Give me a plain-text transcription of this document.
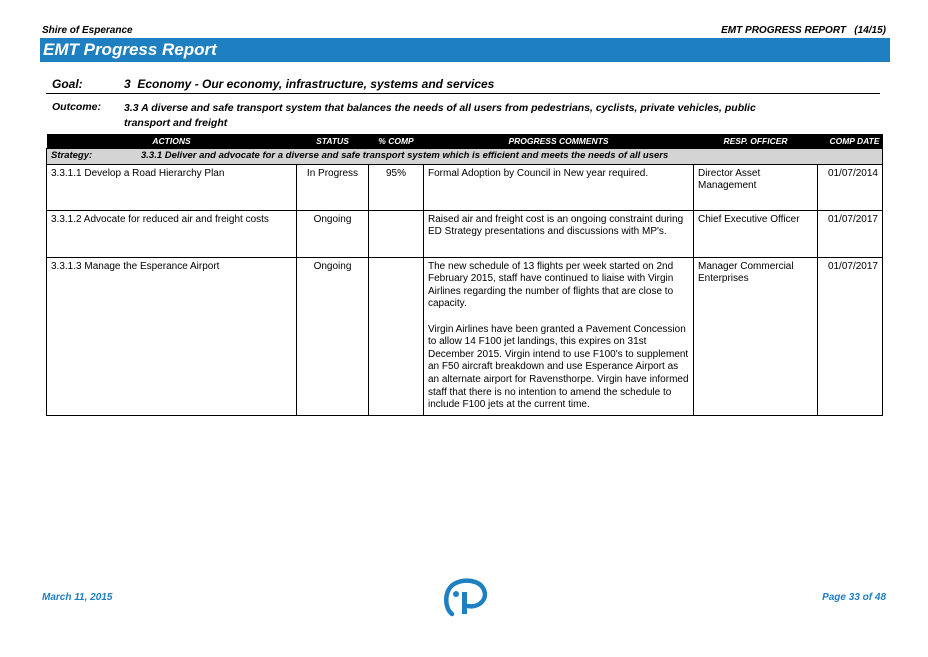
Shire of Esperance	EMT PROGRESS REPORT   (14/15)
EMT Progress Report
Goal:	3  Economy - Our economy, infrastructure, systems and services
Outcome: 3.3 A diverse and safe transport system that balances the needs of all users from pedestrians, cyclists, private vehicles, public transport and freight
ACTIONS	STATUS	% COMP	PROGRESS COMMENTS	RESP. OFFICER	COMP DATE
Strategy: 3.3.1 Deliver and advocate for a diverse and safe transport system which is efficient and meets the needs of all users					
3.3.1.1 Develop a Road Hierarchy Plan	In Progress	95%	Formal Adoption by Council in New year required.	Director Asset Management	01/07/2014
3.3.1.2 Advocate for reduced air and freight costs	Ongoing		Raised air and freight cost is an ongoing constraint during ED Strategy presentations and discussions with MP's.	Chief Executive Officer	01/07/2017
3.3.1.3 Manage the Esperance Airport	Ongoing		The new schedule of 13 flights per week started on 2nd February 2015, staff have continued to liaise with Virgin Airlines regarding the number of flights that are close to capacity.
Virgin Airlines have been granted a Pavement Concession to allow 14 F100 jet landings, this expires on 31st December 2015. Virgin intend to use F100's to supplement an F50 aircraft breakdown and use Esperance Airport as an alternate airport for Ravensthorpe. Virgin have informed staff that there is no intention to amend the schedule to include F100 jets at the current time.	Manager Commercial Enterprises	01/07/2017
March 11, 2015	Page 33 of 48
